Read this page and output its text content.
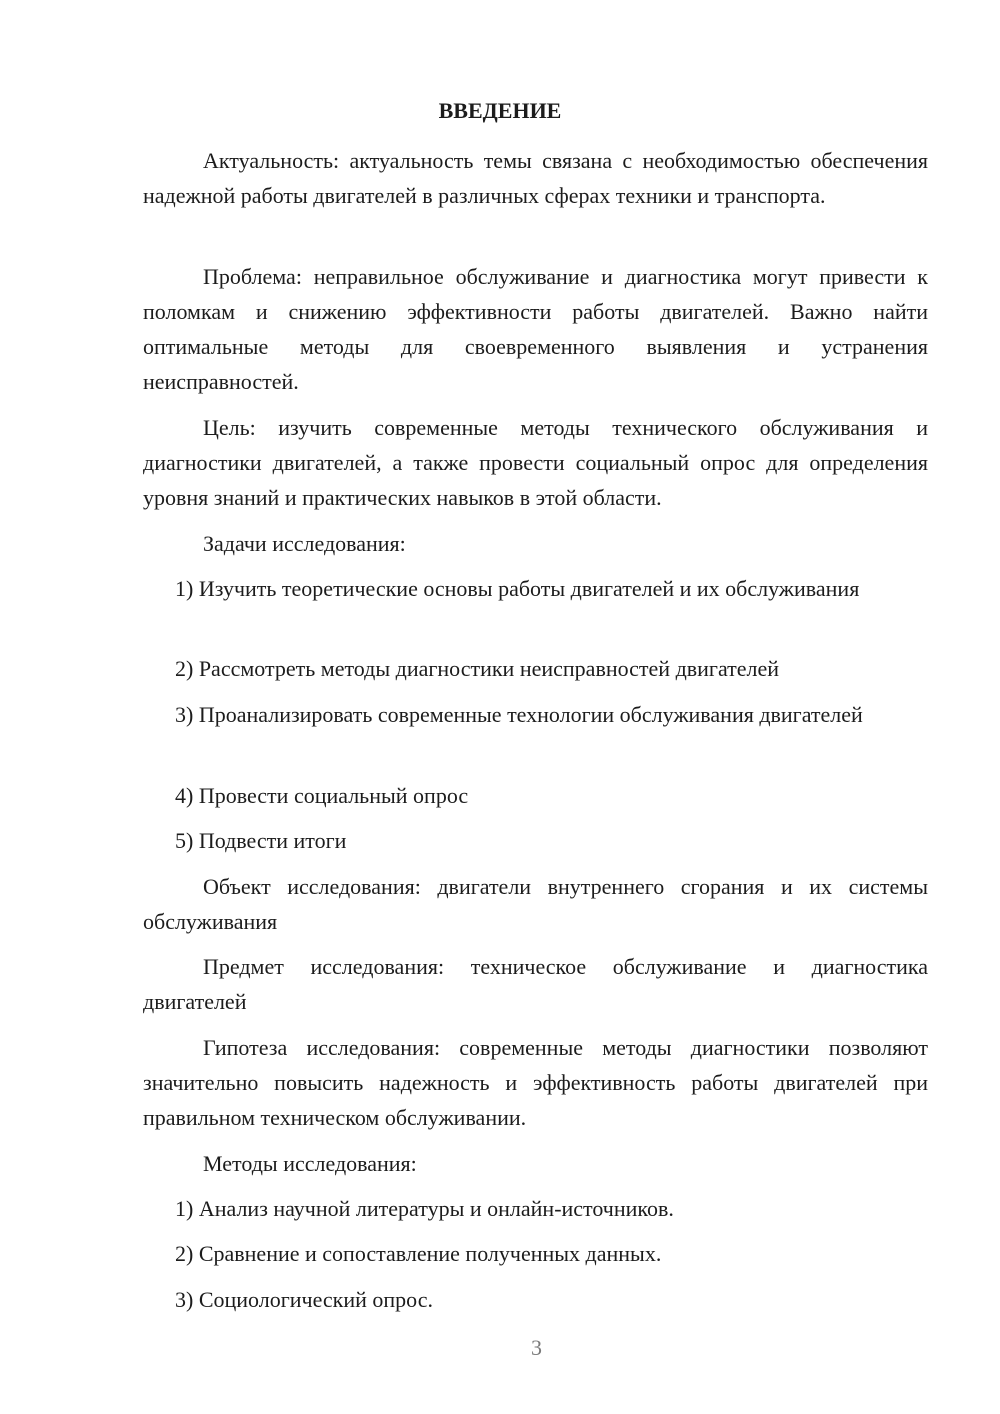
ВВЕДЕНИЕ

Актуальность: актуальность темы связана с необходимостью обеспечения надежной работы двигателей в различных сферах техники и транспорта.

Проблема: неправильное обслуживание и диагностика могут привести к поломкам и снижению эффективности работы двигателей. Важно найти оптимальные методы для своевременного выявления и устранения неисправностей.

Цель: изучить современные методы технического обслуживания и диагностики двигателей, а также провести социальный опрос для определения уровня знаний и практических навыков в этой области.

Задачи исследования:

1) Изучить теоретические основы работы двигателей и их обслуживания

2) Рассмотреть методы диагностики неисправностей двигателей

3) Проанализировать современные технологии обслуживания двигателей

4) Провести социальный опрос

5) Подвести итоги

Объект исследования: двигатели внутреннего сгорания и их системы обслуживания

Предмет исследования: техническое обслуживание и диагностика двигателей

Гипотеза исследования: современные методы диагностики позволяют значительно повысить надежность и эффективность работы двигателей при правильном техническом обслуживании.

Методы исследования:

1) Анализ научной литературы и онлайн-источников.

2) Сравнение и сопоставление полученных данных.

3) Социологический опрос.

3
